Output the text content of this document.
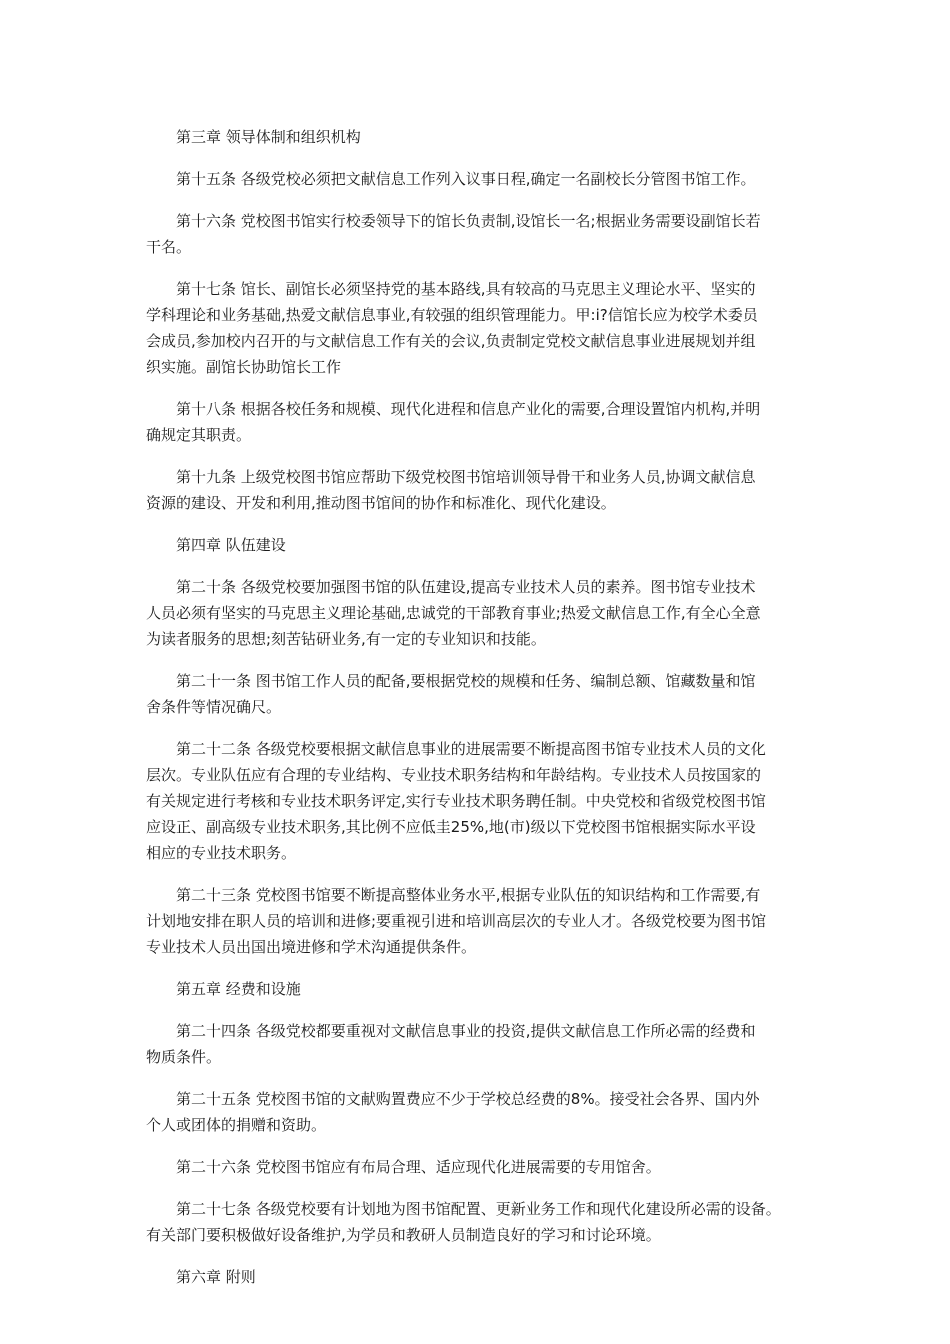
第三章 领导体制和组织机构

第十五条 各级党校必须把文献信息工作列入议事日程,确定一名副校长分管图书馆工作。

第十六条 党校图书馆实行校委领导下的馆长负责制,设馆长一名;根据业务需要设副馆长若
干名。

第十七条 馆长、副馆长必须坚持党的基本路线,具有较高的马克思主义理论水平、坚实的
学科理论和业务基础,热爱文献信息事业,有较强的组织管理能力。甲:i?信馆长应为校学术委员
会成员,参加校内召开的与文献信息工作有关的会议,负责制定党校文献信息事业进展规划并组
织实施。副馆长协助馆长工作

第十八条 根据各校任务和规模、现代化进程和信息产业化的需要,合理设置馆内机构,并明
确规定其职责。

第十九条 上级党校图书馆应帮助下级党校图书馆培训领导骨干和业务人员,协调文献信息
资源的建设、开发和利用,推动图书馆间的协作和标准化、现代化建设。

第四章 队伍建设

第二十条 各级党校要加强图书馆的队伍建设,提高专业技术人员的素养。图书馆专业技术
人员必须有坚实的马克思主义理论基础,忠诚党的干部教育事业;热爱文献信息工作,有全心全意
为读者服务的思想;刻苦钻研业务,有一定的专业知识和技能。

第二十一条 图书馆工作人员的配备,要根据党校的规模和任务、编制总额、馆藏数量和馆
舍条件等情况确尺。

第二十二条 各级党校要根据文献信息事业的进展需要不断提高图书馆专业技术人员的文化
层次。专业队伍应有合理的专业结构、专业技术职务结构和年龄结构。专业技术人员按国家的
有关规定进行考核和专业技术职务评定,实行专业技术职务聘任制。中央党校和省级党校图书馆
应设正、副高级专业技术职务,其比例不应低圭25%,地(市)级以下党校图书馆根据实际水平设
相应的专业技术职务。

第二十三条 党校图书馆要不断提高整体业务水平,根据专业队伍的知识结构和工作需要,有
计划地安排在职人员的培训和进修;要重视引进和培训高层次的专业人才。各级党校要为图书馆
专业技术人员出国出境进修和学术沟通提供条件。

第五章 经费和设施

第二十四条 各级党校都要重视对文献信息事业的投资,提供文献信息工作所必需的经费和
物质条件。

第二十五条 党校图书馆的文献购置费应不少于学校总经费的8%。接受社会各界、国内外
个人或团体的捐赠和资助。

第二十六条 党校图书馆应有布局合理、适应现代化进展需要的专用馆舍。

第二十七条 各级党校要有计划地为图书馆配置、更新业务工作和现代化建设所必需的设备。
有关部门要积极做好设备维护,为学员和教研人员制造良好的学习和讨论环境。

第六章 附则
